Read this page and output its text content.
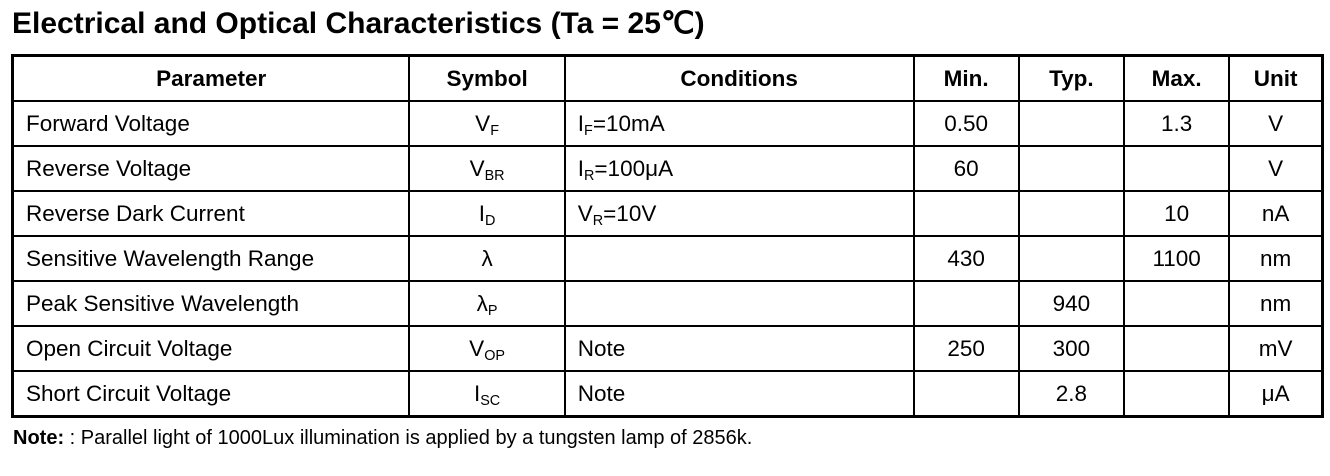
Electrical and Optical Characteristics (Ta = 25℃)
Parameter	Symbol	Conditions	Min.	Typ.	Max.	Unit
Forward Voltage	$V_F$	$I_F=10mA$	0.50		1.3	V
Reverse Voltage	$V_{BR}$	$I_R=100\mu A$	60			V
Reverse Dark Current	$I_D$	$V_R=10V$			10	nA
Sensitive Wavelength Range	λ		430		1100	nm
Peak Sensitive Wavelength	$\lambda_P$			940		nm
Open Circuit Voltage	$V_{OP}$	Note	250	300		mV
Short Circuit Voltage	$I_{SC}$	Note		2.8		μA
Note: : Parallel light of 1000Lux illumination is applied by a tungsten lamp of 2856k.
